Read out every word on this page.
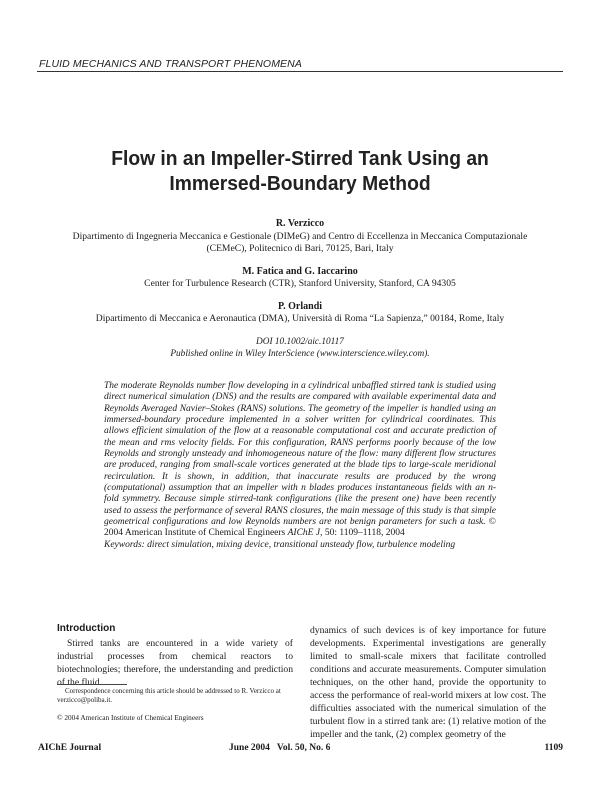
FLUID MECHANICS AND TRANSPORT PHENOMENA
Flow in an Impeller-Stirred Tank Using an
Immersed-Boundary Method
R. Verzicco
Dipartimento di Ingegneria Meccanica e Gestionale (DIMeG) and Centro di Eccellenza in Meccanica Computazionale
(CEMeC), Politecnico di Bari, 70125, Bari, Italy
M. Fatica and G. Iaccarino
Center for Turbulence Research (CTR), Stanford University, Stanford, CA 94305
P. Orlandi
Dipartimento di Meccanica e Aeronautica (DMA), Università di Roma “La Sapienza,” 00184, Rome, Italy
DOI 10.1002/aic.10117
Published online in Wiley InterScience (www.interscience.wiley.com).
The moderate Reynolds number flow developing in a cylindrical unbaffled stirred tank is studied using direct numerical simulation (DNS) and the results are compared with available experimental data and Reynolds Averaged Navier–Stokes (RANS) solutions. The geometry of the impeller is handled using an immersed-boundary procedure implemented in a solver written for cylindrical coordinates. This allows efficient simulation of the flow at a reasonable computational cost and accurate prediction of the mean and rms velocity fields. For this configuration, RANS performs poorly because of the low Reynolds and strongly unsteady and inhomogeneous nature of the flow: many different flow structures are produced, ranging from small-scale vortices generated at the blade tips to large-scale meridional recirculation. It is shown, in addition, that inaccurate results are produced by the wrong (computational) assumption that an impeller with n blades produces instantaneous fields with an n-fold symmetry. Because simple stirred-tank configurations (like the present one) have been recently used to assess the performance of several RANS closures, the main message of this study is that simple geometrical configurations and low Reynolds numbers are not benign parameters for such a task. © 2004 American Institute of Chemical Engineers AIChE J, 50: 1109–1118, 2004
Keywords: direct simulation, mixing device, transitional unsteady flow, turbulence modeling
Introduction
Stirred tanks are encountered in a wide variety of industrial processes from chemical reactors to biotechnologies; therefore, the understanding and prediction of the fluid
dynamics of such devices is of key importance for future developments. Experimental investigations are generally limited to small-scale mixers that facilitate controlled conditions and accurate measurements. Computer simulation techniques, on the other hand, provide the opportunity to access the performance of real-world mixers at low cost. The difficulties associated with the numerical simulation of the turbulent flow in a stirred tank are: (1) relative motion of the impeller and the tank, (2) complex geometry of the
Correspondence concerning this article should be addressed to R. Verzicco at verzicco@poliba.it.
© 2004 American Institute of Chemical Engineers
AIChE Journal	June 2004   Vol. 50, No. 6	1109
